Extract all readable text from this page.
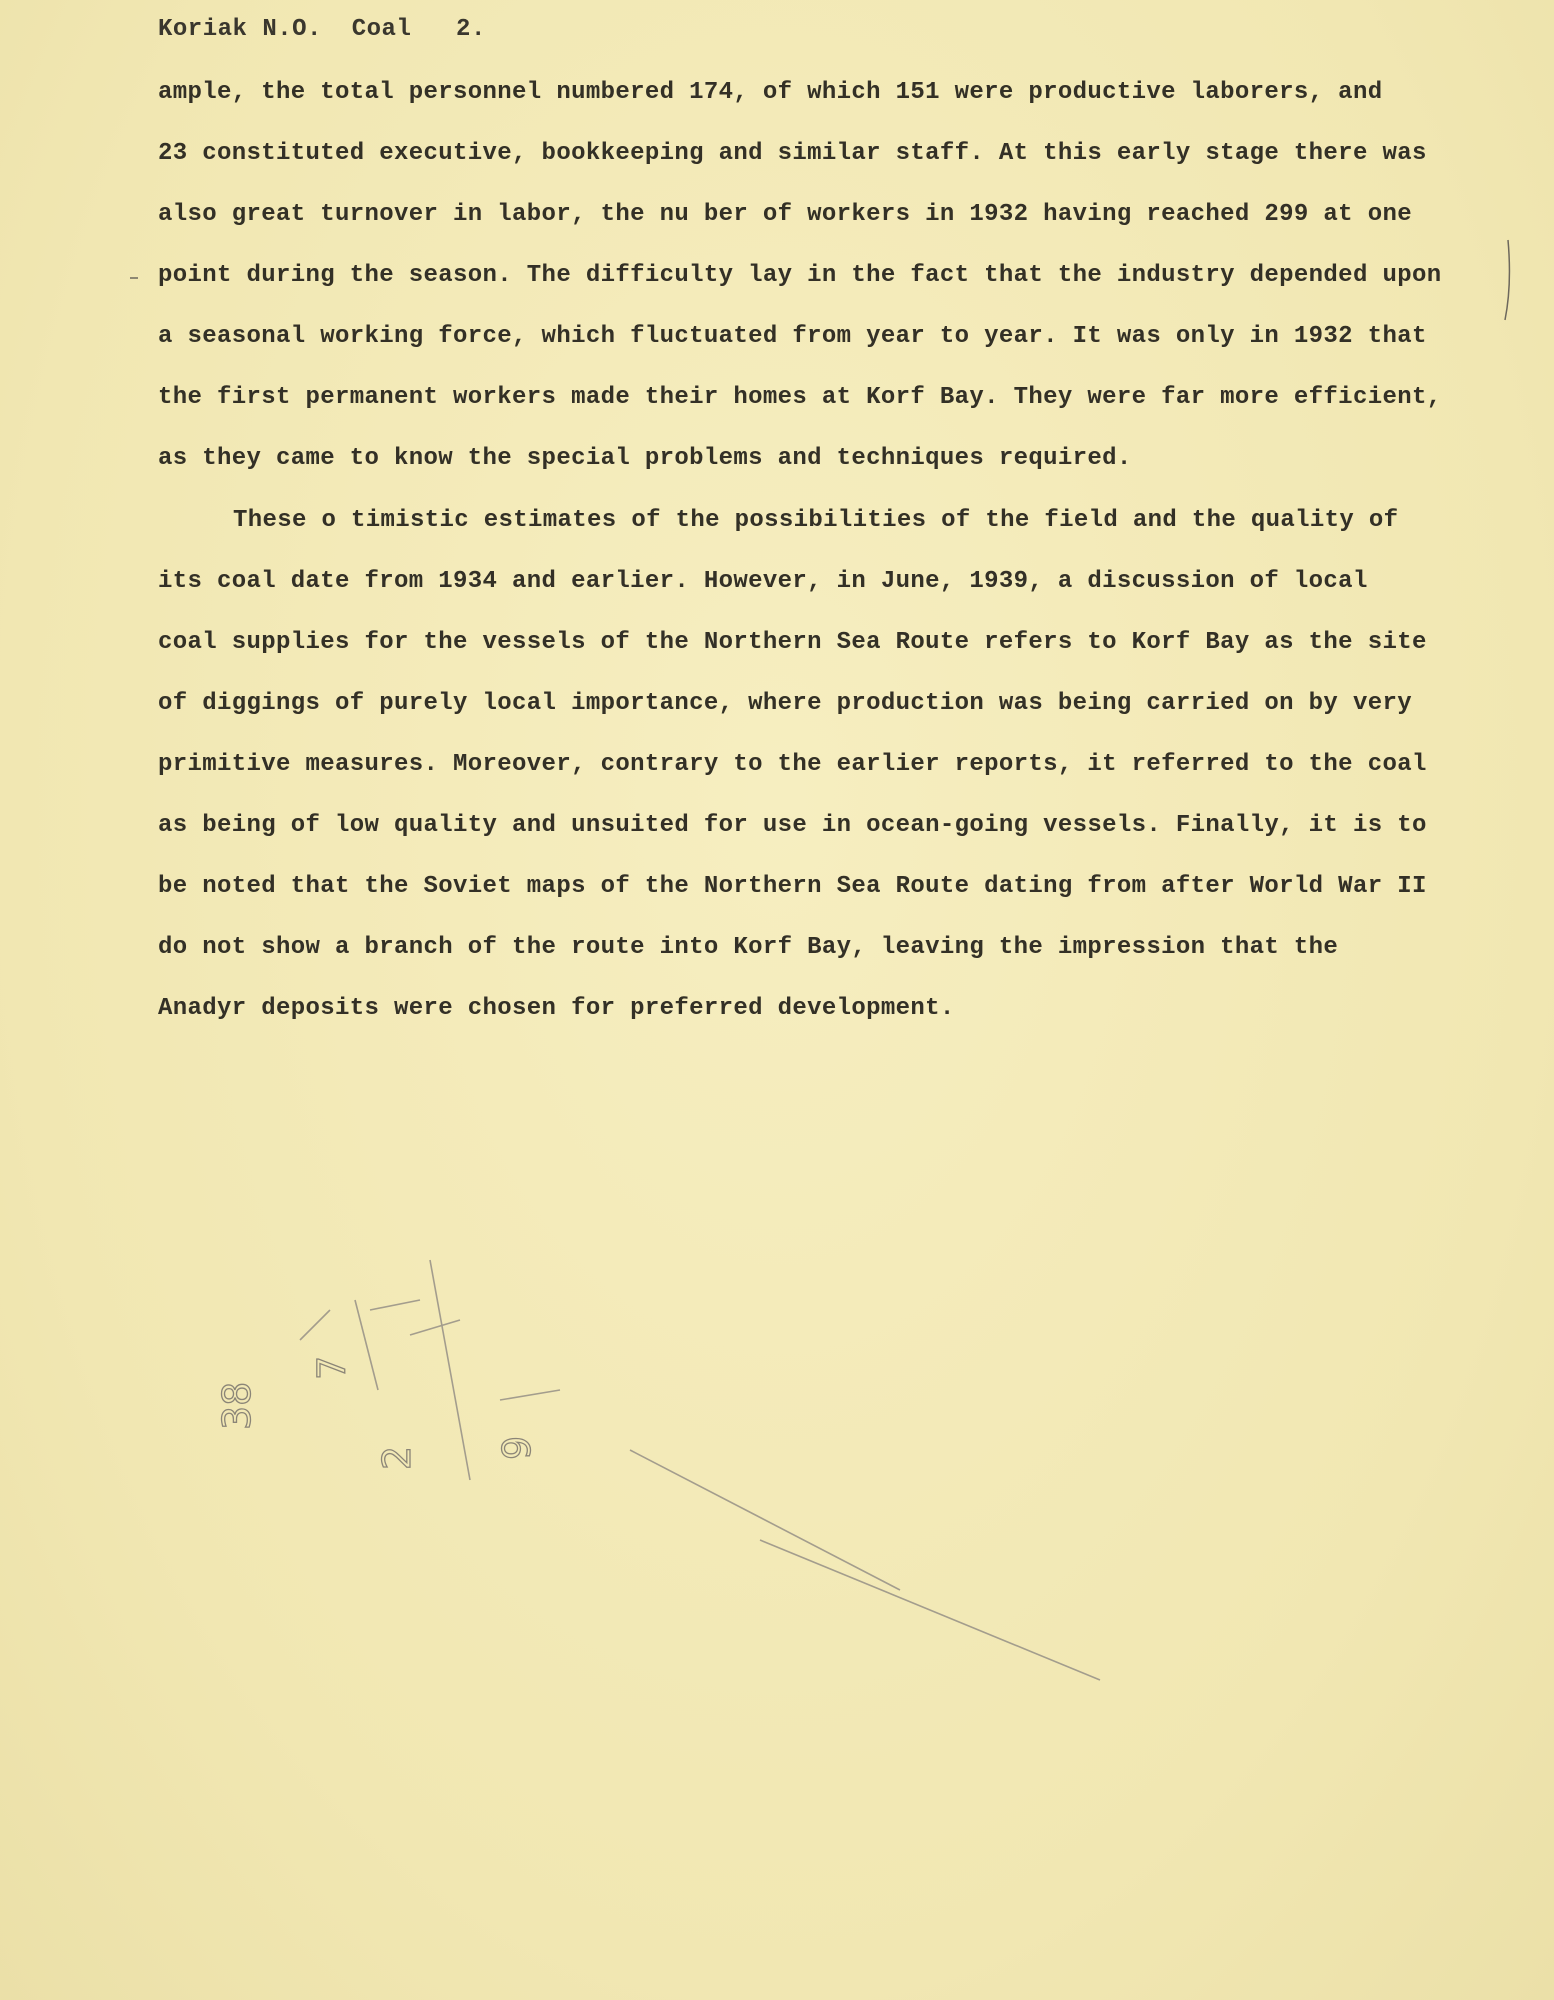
Koriak N.O.  Coal   2.
ample, the total personnel numbered 174, of which 151 were productive laborers, and
23 constituted executive, bookkeeping and similar staff. At this early stage there was
also great turnover in labor, the nu ber of workers in 1932 having reached 299 at one
point during the season. The difficulty lay in the fact that the industry depended upon
a seasonal working force, which fluctuated from year to year. It was only in 1932 that
the first permanent workers made their homes at Korf Bay. They were far more efficient,
as they came to know the special problems and techniques required.
These o timistic estimates of the possibilities of the field and the quality of
its coal date from 1934 and earlier. However, in June, 1939, a discussion of local
coal supplies for the vessels of the Northern Sea Route refers to Korf Bay as the site
of diggings of purely local importance, where production was being carried on by very
primitive measures. Moreover, contrary to the earlier reports, it referred to the coal
as being of low quality and unsuited for use in ocean-going vessels. Finally, it is to
be noted that the Soviet maps of the Northern Sea Route dating from after World War II
do not show a branch of the route into Korf Bay, leaving the impression that the
Anadyr deposits were chosen for preferred development.
38
7
2 9
